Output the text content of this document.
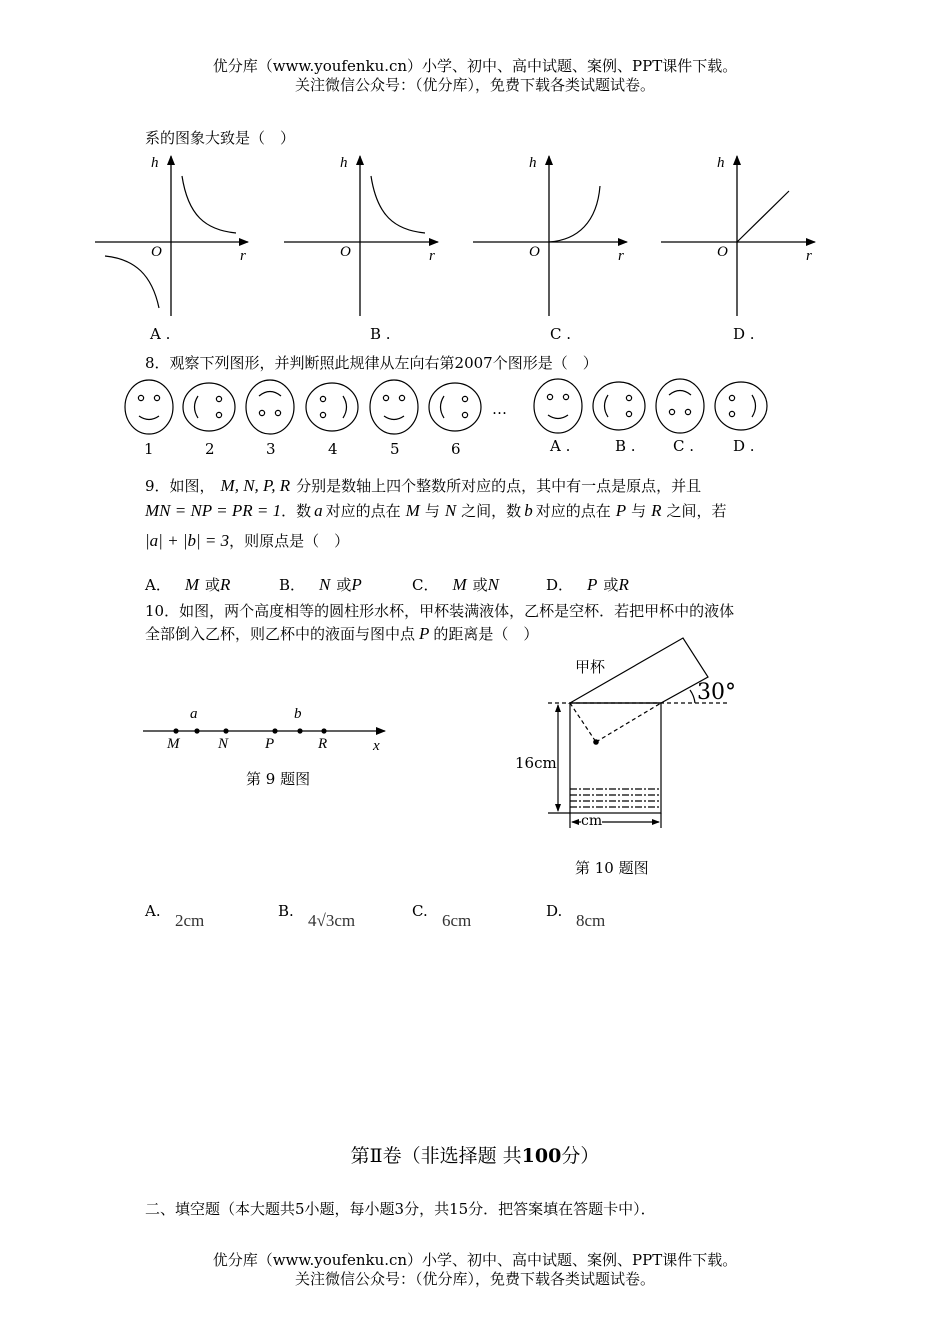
优分库（www.youfenku.cn）小学、初中、高中试题、案例、PPT课件下载。
关注微信公众号：（优分库），免费下载各类试题试卷。
系的图象大致是（　）
h
O	r
A .
h
O	r
B .
h
O	r
C .
h
O	r
D .
8．观察下列图形，并判断照此规律从左向右第2007个图形是（　）
1	2	3	4	5	6
…
A .	B . C .	D .
9．如图， M, N, P, R 分别是数轴上四个整数所对应的点，其中有一点是原点，并且
MN = NP = PR = 1．数 a 对应的点在 M 与 N 之间，数 b 对应的点在 P 与 R 之间，若
|a| + |b| = 3，则原点是（　）
A． M 或R	B． N 或P	C． M 或N	D． P 或R
10．如图，两个高度相等的圆柱形水杯，甲杯装满液体，乙杯是空杯．若把甲杯中的液体
全部倒入乙杯，则乙杯中的液面与图中点 P 的距离是（　）
a	b
M	N P	R	x
第 9 题图
甲杯
30°
16cm
cm
第 10 题图
A. 2cm	B. 4√3cm	C. 6cm	D. 8cm
第Ⅱ卷（非选择题 共100分）
二、填空题（本大题共5小题，每小题3分，共15分．把答案填在答题卡中）．
优分库（www.youfenku.cn）小学、初中、高中试题、案例、PPT课件下载。
关注微信公众号：（优分库），免费下载各类试题试卷。
